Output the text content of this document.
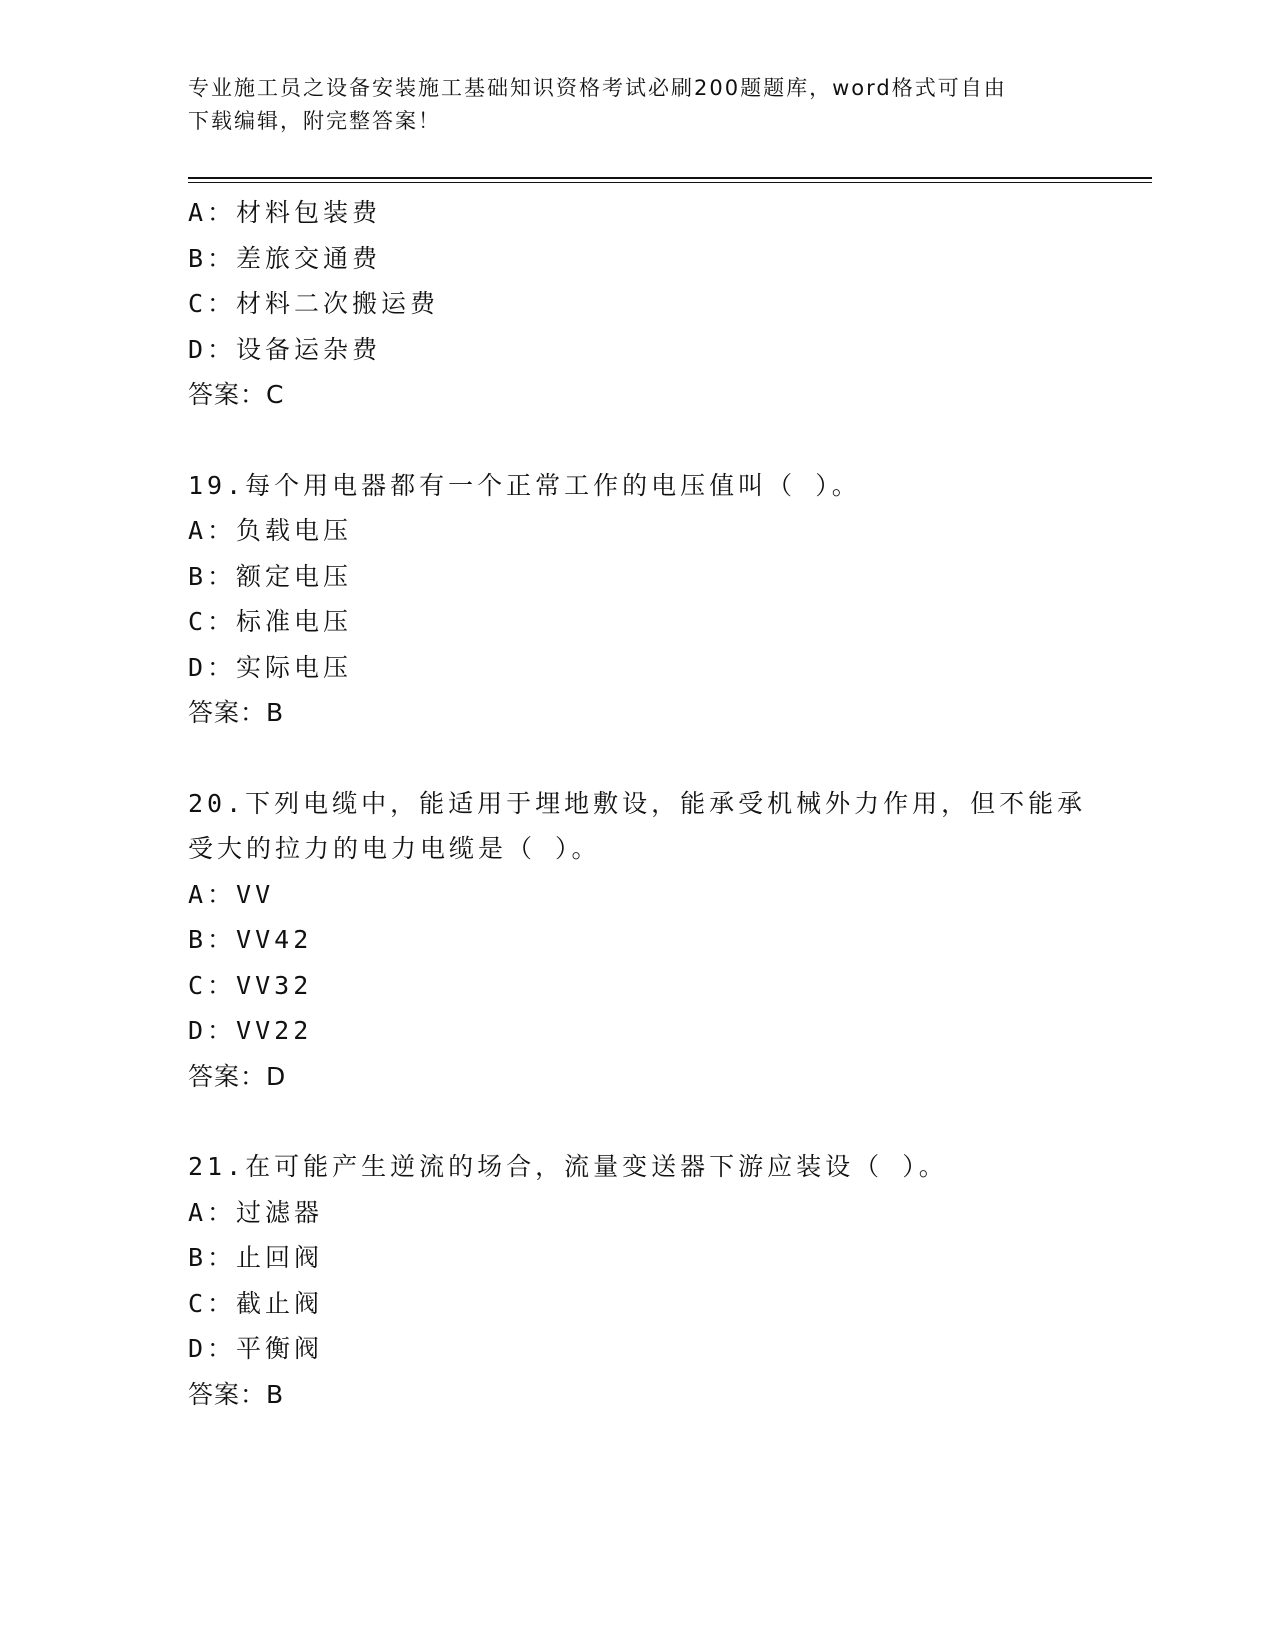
专业施工员之设备安装施工基础知识资格考试必刷200题题库，word格式可自由
下载编辑，附完整答案！
A：材料包装费
B：差旅交通费
C：材料二次搬运费
D：设备运杂费
答案：C
19.每个用电器都有一个正常工作的电压值叫（ ）。
A：负载电压
B：额定电压
C：标准电压
D：实际电压
答案：B
20.下列电缆中，能适用于埋地敷设，能承受机械外力作用，但不能承
受大的拉力的电力电缆是（ ）。
A：VV
B：VV42
C：VV32
D：VV22
答案：D
21.在可能产生逆流的场合，流量变送器下游应装设（ ）。
A：过滤器
B：止回阀
C：截止阀
D：平衡阀
答案：B
